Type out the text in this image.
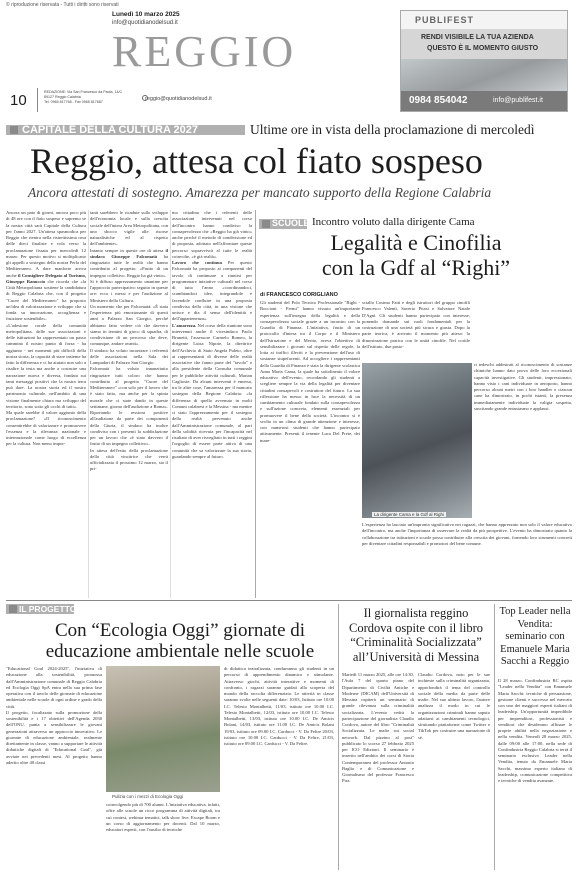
© riproduzione riservata - Tutti i diritti sono riservati
Lunedì 10 marzo 2025
info@quotidianodelsud.it
REGGIO
10	REDAZIONE: Via San Francesco da Paola, 14/C
89127 Reggio Calabria
Tel. 0965 817768 - Fax 0965 817687	reggio@quotidianodelsud.it
PUBLIFEST
RENDI VISIBILE LA TUA AZIENDA
QUESTO È IL MOMENTO GIUSTO
0984 854042	info@publifest.it
CAPITALE DELLA CULTURA 2027	Ultime ore in vista della proclamazione di mercoledì
Reggio, attesa col fiato sospeso
Ancora attestati di sostegno. Amarezza per mancato supporto della Regione Calabria

Ancora un paio di giorni, ancora poco più di 48 ore con il fiato sospeso e sapremo se la nostra città sarà Capitale della Cultura per l'anno 2027. Un'attesa spasmodica per Reggio che rientra nella ristrettissima rosa delle dieci finaliste e vola verso la proclamazione fissata per mercoledì 12 marzo. Per questo motivo si moltiplicano gli appelli a sostegno della nostra Perla del Mediterraneo. A dare manforte arriva anche il Consigliere Delegato al Turismo, Giuseppe Ranuccio che ricorda che «la Città Metropolitana sostiene la candidatura di Reggio Calabria che, con il progetto "Cuore del Mediterraneo" ha proposto un'idea di valorizzazione e sviluppo che si fonda su innovazione, accoglienza e fruizione sostenibile».

«L'adesione corale della comunità metropolitana, delle sue associazioni e delle istituzioni ha rappresentato un passo cammino il nostro punto di forza - ha aggiunto - nei momenti più difficili della nostra storia, la capacità di stare insieme ha fatto la differenza e ci ha aiutato non solo a risalire la testa ma anche a costruire una narrazione nuova e diversa, fondata sui tanti messaggi positivi che la nostra terra può dare. La nostra storia ed il nostro patrimonio culturale, nell'ambito di una visione finalmente chiara ma sviluppo del territorio, sono sotto gli occhi di tutti».

Ma quale sarebbe il valore aggiunto della proclamazione? «Il riconoscimento consentirebbe di valorizzare e promuovere l'essenza e la rilevanza nazionale e internazionale come luogo di eccellenza per la cultura. Non meno impor-

tanti sarebbero le ricadute sullo sviluppo dell'economia locale e sulla crescita sociale dell'intera Area Metropolitana, con uno sbocco vigile alle risorse naturalistiche ed al rispetto dell'ambiente».

Intanto sempre in queste ore di attesa il sindaco Giuseppe Falcomatà ha ringraziato tutte le realtà che hanno contribuito al progetto: «Frutto di un impegno collettivo. Reggio ha già vinto».

Si è diffuso apprezzamento unanime per l'approccio partecipativo seguito in queste ore: ecco i messi e per l'audizione al Ministero della Cultura.

Un momento che per Falcomatà: «È stata l'esperienza più emozionante di questi anni a Palazzo San Giorgio, perché abbiamo fatto vedere ciò che davvero siamo in termini di gioco di squadra, di condivisione di un percorso che deve, comunque, andare avanti».

Il sindaco ha voluto incontrare i referenti delle associazioni nella Sala dei Lampadari di Palazzo San Giorgio.

Falcomatà ha voluto innanzitutto ringraziare tutti coloro che hanno contribuito al progetto "Cuore del Mediterraneo" «con solo per il lavoro che è stato fatto, ma anche per la spinta morale che ci state dando in queste settimane, giorno dell'audizione a Roma». Riportando le ressioni positive all'audizione da parte dei componenti della Giuria, il sindaco ha inoltre condiviso con i presenti la soddisfazione per un lavoro che «è stato davvero il frutto di un impegno collettivo».

In attesa dell'esito della proclamazione della città vincitrice che verrà ufficializzata il prossimo 12 marzo, sia il pri-

mo cittadino che i referenti delle associazioni intervenuti nel corso dell'incontro hanno condiviso la consapevolezza che «Reggio ha già vinto» anche perché il metodo di condivisione ed di proposta, adottato nell'affrontare queste percorso sopravvivrà al tutte le realtà coinvolte, «è già realtà».

Lavoro che continua Per questo Falcomatà ha proposto ai componenti del tavolo di continuare a riunirsi per programmare iniziative culturali nel corso di tutto l'anno «coordinandoci, scambiandoci idee, integrandole e facendole confluire in una proposta condivisa della città, in una visione che unisce e dia il senso dell'identità e dell'appartenenza».

L'amarezza. Nel corso della riunione sono intervenuti anche il vicesindaco Paolo Brunetti, l'assessore Carmelo Romeo, la dirigente Luisa Nipote, la direttrice dell'Archivio di Stato Angela Puleio, oltre ai rappresentanti di diverse delle realtà associative che fanno parte del "tavolo" e alla presidente della Consulta comunale per le pubbliche attività culturali, Marian Caglioste. Da alcuni interventi è emersa, tra le altre cose, l'amarezza per il mancato sostegno della Regione Calabria: «la differenza di quello avvenuto in molti Comuni calabresi e la Messina - ma mentre ci stato l'apprezzamento per il sostegno della realtà pervenuto anche dall'Amministrazione comunale, al pari della solidità ricevuta per l'incapacità nel risultato di aver risvegliato in tutti i reggini l'orgoglio di essere parte attiva di una comunità che sa valorizzare la sua storia, guardando sempre al futuro.

SCUOLE Incontro voluto dalla dirigente Cama
Legalità e Cinofilia
con la Gdf al “Righi”
di FRANCESCO CORIGLIANO

Gli studenti del Polo Tecnico Professionale "Righi - Boccioni - Fermi" hanno vissuto un'importante esperienza sull'insegna della legalità e della consapevolezza sociale grazie a un incontro con la Guardia di Finanza. L'iniziativa, frutto di un protocollo d'intesa tra il Corpo e il Ministero dell'Istruzione e del Merito, aveva l'obiettivo di sensibilizzare i giovani sul rispetto delle regole, la lotta ai traffici illeciti e la prevenzione dell'uso di sostanze stupefacenti. Ad accogliere i rappresentanti della Guardia di Finanza è stata la dirigente scolastica Anna Maria Cama, la quale ha sottolineato il valore educativo dell'evento, recordando gli studenti a scegliere sempre la via della legalità per diventare cittadini consapevoli e costruttori del futuro. La sua riflessione ha messo in luce la necessità di un cambiamento culturale fondato sulla consapevolezza e sull'azione concreta, elementi essenziali per promuovere il bene della società. L'incontro si è svolto in un clima di grande attenzione e interesse, con numerosi studenti che hanno partecipato attivamente. Presenti il tenente Luca Del Prete, dei mare-

La dirigente Cama e la Gdf al Righi

sciallo Cosimo Fatti e degli istruttori del gruppo cinofili Francesco Valentì, Saverio Pitasi e Salvatore Natale D'Agnì. Gli studenti hanno partecipato con interesse, ponendo domande sui ruoli fondamentali per la costruzione di una società più sicura e giusta. Dopo la parte teorica, è arrivato il momento più atteso: la dimostrazione pratica con le unità cinofile. Nel cortile dell'istituto, due pasto-

ri tedeschi addestrati al riconoscimento di sostanze chimiche hanno dato prova delle loro eccezionali capacità investigative. Gli studenti, impressionato, hanno visto i cani individuare in aeroporto, hanno percorso alcuni metri con i loro handler e ciascun cane ha dimostrato, in pochi istanti, la presenza immediatamente individuate la valigia sospetta, suscitando grande entusiasmo e applausi.

L'esperienza ha lasciato un'impronta significativa nei ragazzi, che hanno apprezzato non solo il valore educativo dell'incontro, ma anche l'importanza di osservare la realtà da più prospettive. L'evento ha dimostrato quanto la collaborazione tra istituzioni e scuole possa contribuire alla crescita dei giovani, fornendo loro strumenti concreti per diventare cittadini responsabili e promotori del bene comune.

IL PROGETTO
Con “Ecologia Oggi” giornate di educazione ambientale nelle scuole

"Educational Goal 2024-2025", l'iniziativa di educazione alla sostenibilità, promossa dall'Amministrazione comunale di Reggio Calabria ed Ecologia Oggi SpA entra nella sua prima fase operativa con il tavolo delle giornate di educazione ambientale nelle scuole di ogni ordine e grado della città.

Il progetto, focalizzato sulla promozione della sostenibilità e i 17 obiettivi dell'Agenda 2030 dell'ONU, punta a sensibilizzare le giovani generazioni attraverso un approccio innovativo. Le giornate di educazione ambientale, realmente direttamente in classe, vanno a supportare le attività didattiche digitali di "Educational Goal", già avviate nei precedenti mesi. Al progetto hanno aderito oltre 40 classi

Pulizia con i mezzi di Ecologia Oggi

coinvolgendo più di 700 alunni. L'iniziativa educativa, infatti, offre alle scuole un ricco programma di attività digitali, tra cui contest, webinar tematici, talk show live, Escape Room e un corso di aggiornamento per docenti. Dal 10 marzo, educatori esperti, con l'ausilio di tecniche

di didattica teatralizzata, condurranno gli studenti in un percorso di apprendimento dinamico e stimolante. Attraverso giochi, attività interattive e momenti di confronto, i ragazzi saranno guidati alla scoperta del mondo della raccolta differenziata. Le attività in classe saranno svolte nelle seguenti date: 10/03, Istituto ore 10.00 I.C. Telesio Montalbetti, 11/03, istituto ore 10.00 I.C. Telesio Montalbetti, 12/03, istituto ore 10.00 I.C. Telesio Montalbetti, 13/03, istituto ore 10.00 I.C. De Amicis Bolani, 14/03, istituto ore 11.00 I.C. De Amicis Bolani 19/03, istituto ore 09.00 I.C. Carducci - V. Da Feltre 20/03, istituto ore 10.00 I.C. Carducci - V. Da Feltre, 21/03, istituto ore 09.00 I.C. Carducci - V. Da Feltre.

Il giornalista reggino Cordova ospite con il libro “Criminalità Socializzata” all’Università di Messina

Martedì 11 marzo 2025, alle ore 14:30, l'Aula 7 del quarto piano del Dipartimento di Civiltà Antiche e Moderne (DICAM) dell'Università di Messina ospiterà un seminario di grande rilevanza sulla criminalità socializzata. L'evento vedrà la partecipazione del giornalista Claudio Cordova, autore del libro "Criminalità Socializzata. Le mafie sui social network. Dal pizzino al post" pubblicato lo scorso 27 febbraio 2025 per ICO Edizioni. Il seminario è inserito nell'ambito dei corsi di Storia Contemporanea del professor Antonio Baglio e di Comunicazione e Giornalismo del professor Francesco Pira.

Claudio Cordova, noto per le sue inchieste sulla criminalità organizzata, approfondirà il tema del controllo sociale della media da parte delle mafie. Nel suo ultimo lavoro, l'autore analizza il modo in cui le organizzazioni criminali hanno saputo adattarsi ai cambiamenti tecnologici, sfruttando piattaforme come Twitter e TikTok per costruire una narrazione di sé.

Top Leader nella Vendita: seminario con Emanuele Maria Sacchi a Reggio

Il 28 marzo, Confindustria RC ospita "Leader nella Vendita" con Emanuele Maria Sacchi: tecniche di persuasione, gestione clienti e successo nel mercato con uno dei maggiori esperti italiani di leadership. Un'opportunità imperdibile per imprenditori, professionisti e venditori che desiderano affinare le proprie abilità nella negoziazione e nella vendita. Venerdì 28 marzo 2025, dalle 09:00 alle 17:00, nella sede di Confindustria Reggio Calabria si terrà il seminario esclusivo Leader nella Vendita, tenuto da Emanuele Maria Sacchi, massimo esperto italiano di leadership, comunicazione competitiva e tecniche di vendita avanzate.
